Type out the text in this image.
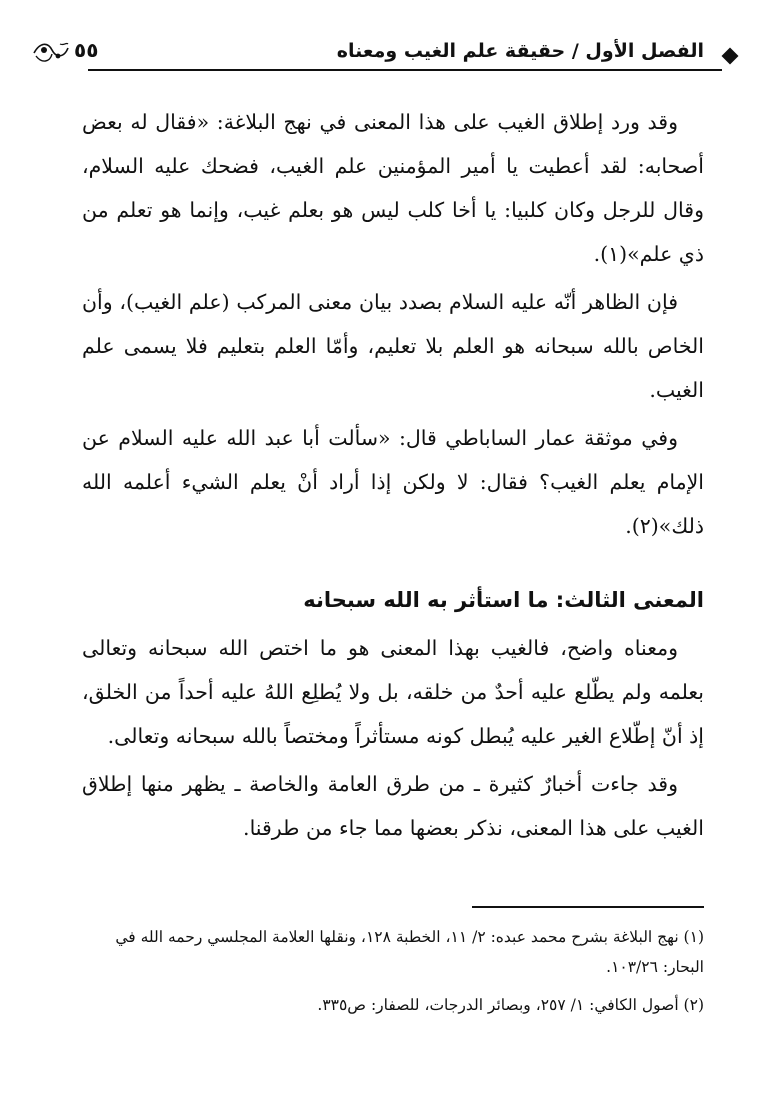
٥٥	الفصل الأول / حقيقة علم الغيب ومعناه

وقد ورد إطلاق الغيب على هذا المعنى في نهج البلاغة: «فقال له بعض أصحابه: لقد أعطيت يا أمير المؤمنين علم الغيب، فضحك عليه السلام، وقال للرجل وكان كلبيا: يا أخا كلب ليس هو بعلم غيب، وإنما هو تعلم من ذي علم»(١).

فإن الظاهر أنّه عليه السلام بصدد بيان معنى المركب (علم الغيب)، وأن الخاص بالله سبحانه هو العلم بلا تعليم، وأمّا العلم بتعليم فلا يسمى علم الغيب.

وفي موثقة عمار الساباطي قال: «سألت أبا عبد الله عليه السلام عن الإمام يعلم الغيب؟ فقال: لا ولكن إذا أراد أنْ يعلم الشيء أعلمه الله ذلك»(٢).

المعنى الثالث: ما استأثر به الله سبحانه

ومعناه واضح، فالغيب بهذا المعنى هو ما اختص الله سبحانه وتعالى بعلمه ولم يطّلع عليه أحدٌ من خلقه، بل ولا يُطلِع اللهُ عليه أحداً من الخلق، إذ أنّ إطّلاع الغير عليه يُبطل كونه مستأثراً ومختصاً بالله سبحانه وتعالى.

وقد جاءت أخبارٌ كثيرة ـ من طرق العامة والخاصة ـ يظهر منها إطلاق الغيب على هذا المعنى، نذكر بعضها مما جاء من طرقنا.

(١) نهج البلاغة بشرح محمد عبده: ٢/ ١١، الخطبة ١٢٨، ونقلها العلامة المجلسي رحمه الله في البحار: ١٠٣/٢٦.

(٢) أصول الكافي: ١/ ٢٥٧، وبصائر الدرجات، للصفار: ص٣٣٥.
